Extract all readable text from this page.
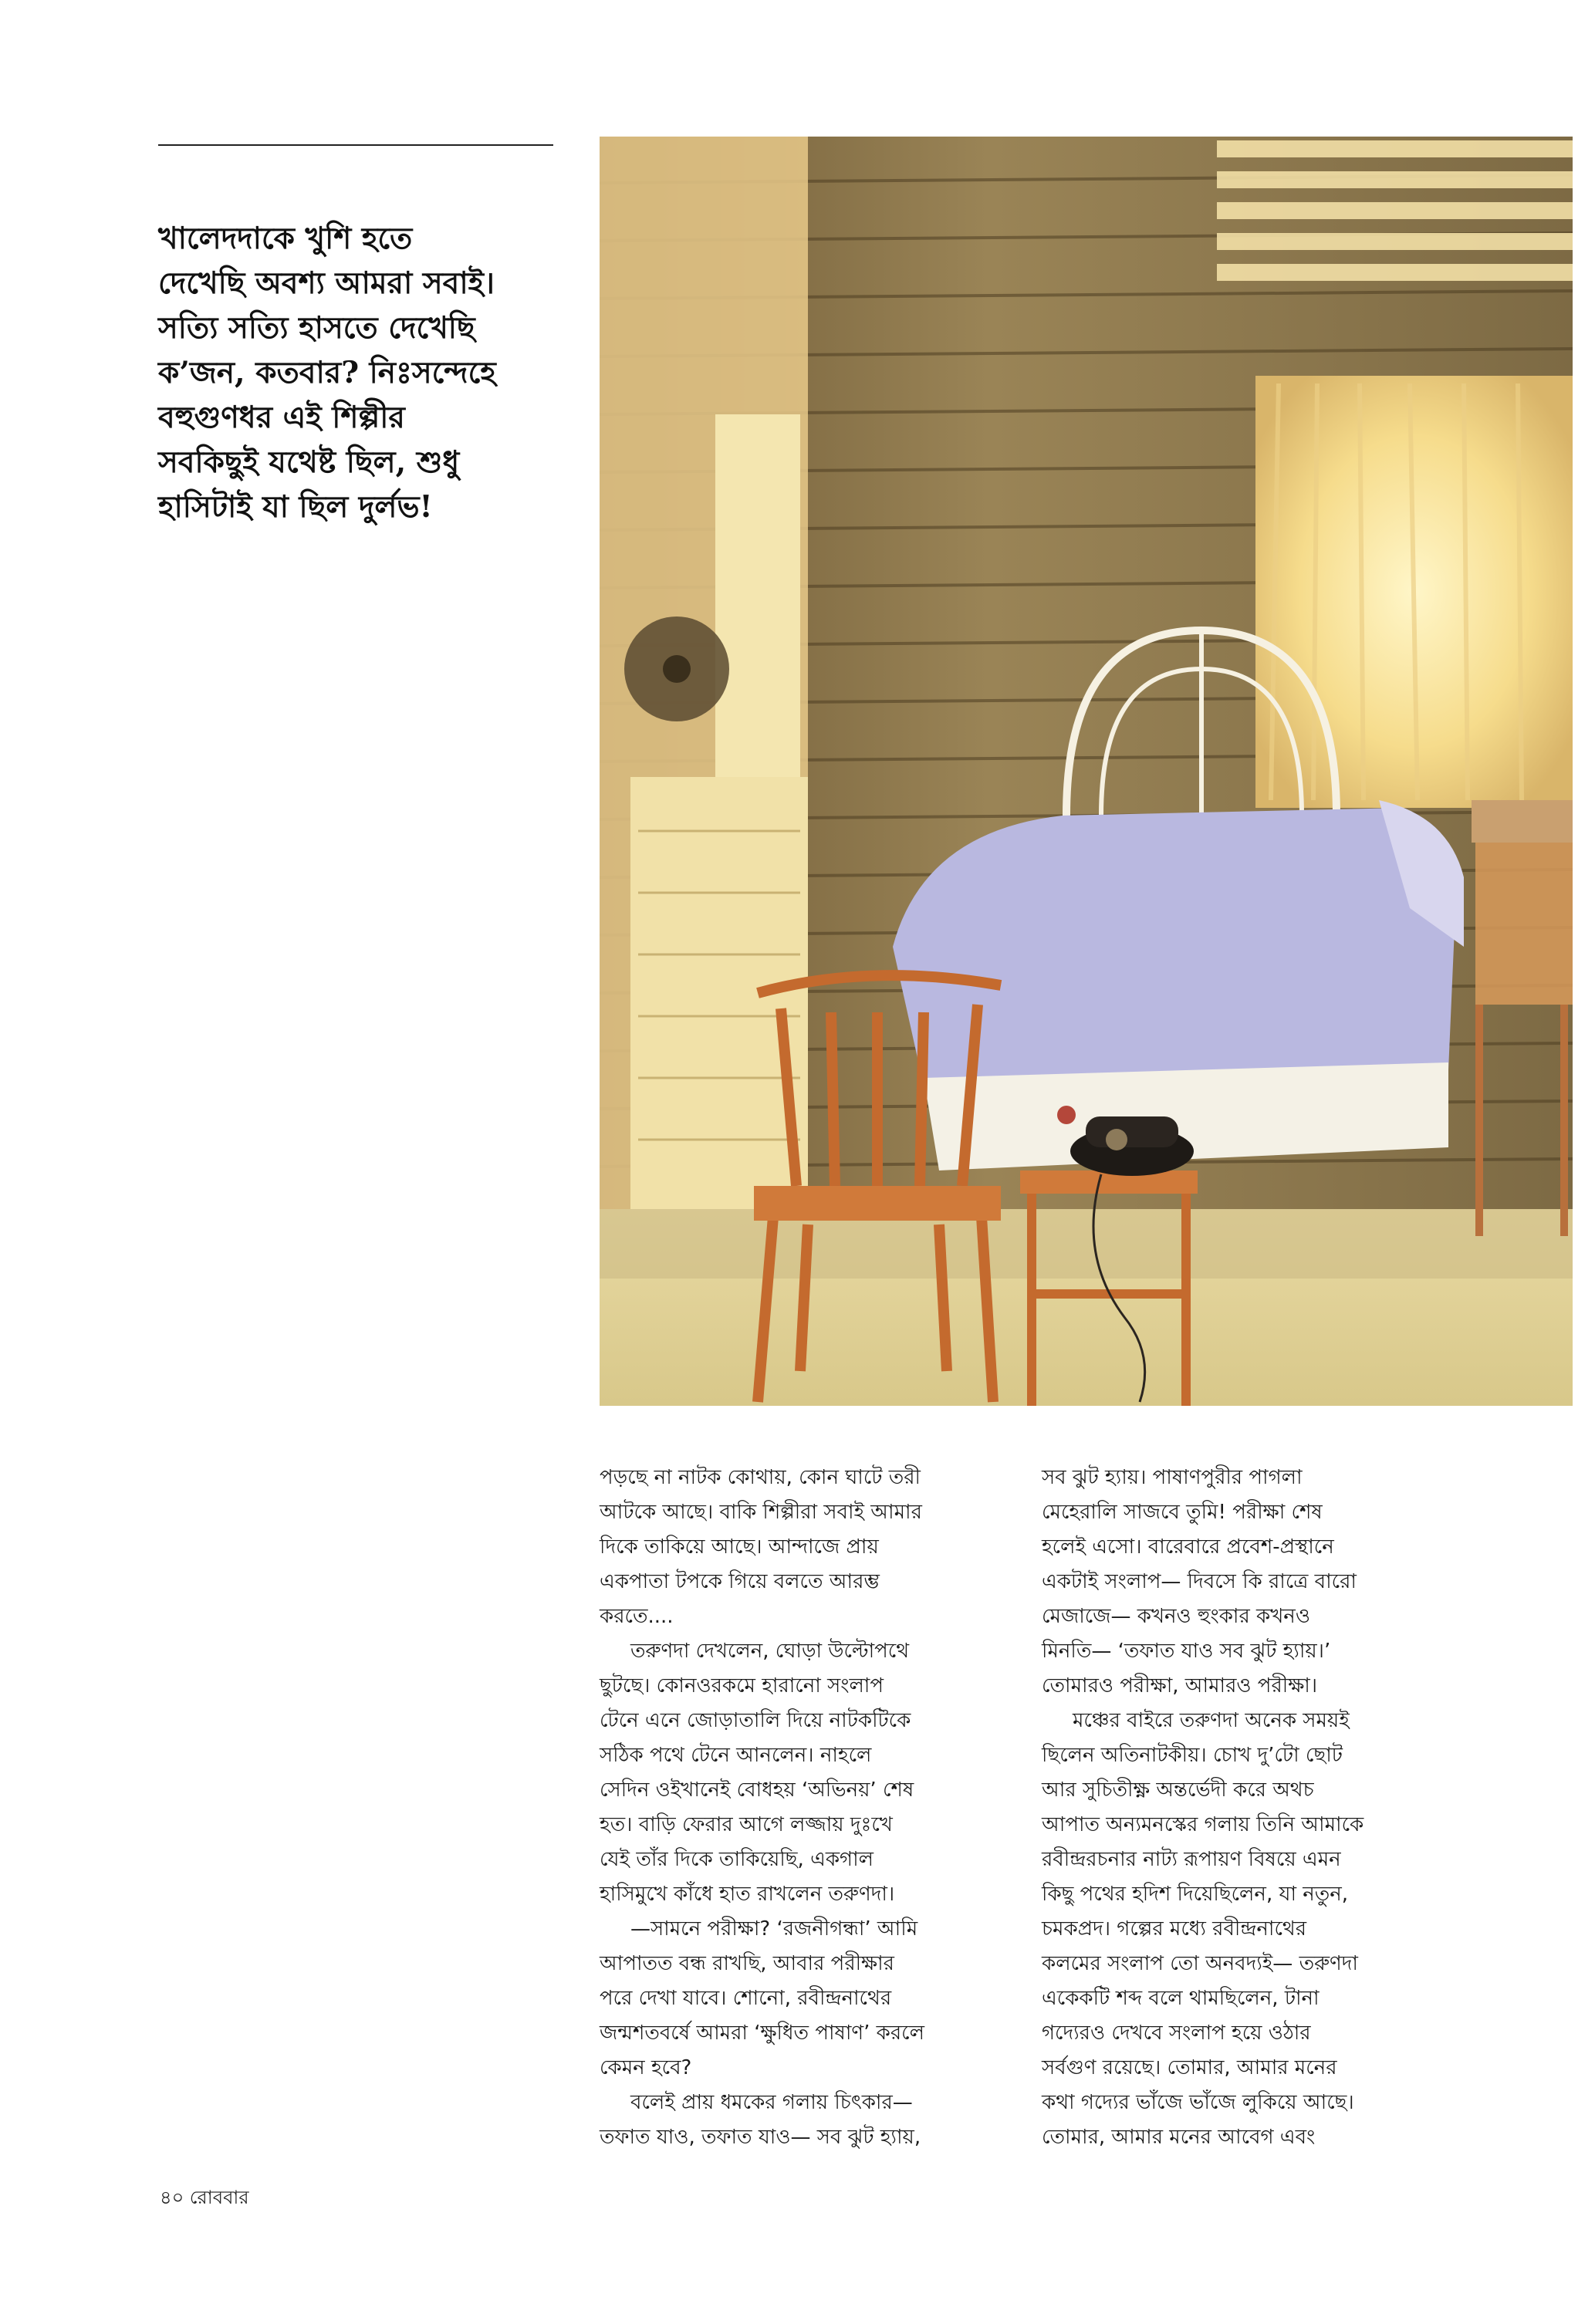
খালেদদাকে খুশি হতে
দেখেছি অবশ্য আমরা সবাই।
সত্যি সত্যি হাসতে দেখেছি
ক’জন, কতবার? নিঃসন্দেহে
বহুগুণধর এই শিল্পীর
সবকিছুই যথেষ্ট ছিল, শুধু
হাসিটাই যা ছিল দুর্লভ!
পড়ছে না নাটক কোথায়, কোন ঘাটে তরী
আটকে আছে। বাকি শিল্পীরা সবাই আমার
দিকে তাকিয়ে আছে। আন্দাজে প্রায়
একপাতা টপকে গিয়ে বলতে আরম্ভ
করতে....
তরুণদা দেখলেন, ঘোড়া উল্টোপথে
ছুটছে। কোনওরকমে হারানো সংলাপ
টেনে এনে জোড়াতালি দিয়ে নাটকটিকে
সঠিক পথে টেনে আনলেন। নাহলে
সেদিন ওইখানেই বোধহয় ‘অভিনয়’ শেষ
হত। বাড়ি ফেরার আগে লজ্জায় দুঃখে
যেই তাঁর দিকে তাকিয়েছি, একগাল
হাসিমুখে কাঁধে হাত রাখলেন তরুণদা।
—সামনে পরীক্ষা? ‘রজনীগন্ধা’ আমি
আপাতত বন্ধ রাখছি, আবার পরীক্ষার
পরে দেখা যাবে। শোনো, রবীন্দ্রনাথের
জন্মশতবর্ষে আমরা ‘ক্ষুধিত পাষাণ’ করলে
কেমন হবে?
বলেই প্রায় ধমকের গলায় চিৎকার—
তফাত যাও, তফাত যাও— সব ঝুট হ্যায়,
সব ঝুট হ্যায়। পাষাণপুরীর পাগলা
মেহেরালি সাজবে তুমি! পরীক্ষা শেষ
হলেই এসো। বারেবারে প্রবেশ-প্রস্থানে
একটাই সংলাপ— দিবসে কি রাত্রে বারো
মেজাজে— কখনও হুংকার কখনও
মিনতি— ‘তফাত যাও সব ঝুট হ্যায়।’
তোমারও পরীক্ষা, আমারও পরীক্ষা।
মঞ্চের বাইরে তরুণদা অনেক সময়ই
ছিলেন অতিনাটকীয়। চোখ দু’টো ছোট
আর সুচিতীক্ষ্ণ অন্তর্ভেদী করে অথচ
আপাত অন্যমনস্কের গলায় তিনি আমাকে
রবীন্দ্ররচনার নাট্য রূপায়ণ বিষয়ে এমন
কিছু পথের হদিশ দিয়েছিলেন, যা নতুন,
চমকপ্রদ। গল্পের মধ্যে রবীন্দ্রনাথের
কলমের সংলাপ তো অনবদ্যই— তরুণদা
একেকটি শব্দ বলে থামছিলেন, টানা
গদ্যেরও দেখবে সংলাপ হয়ে ওঠার
সর্বগুণ রয়েছে। তোমার, আমার মনের
কথা গদ্যের ভাঁজে ভাঁজে লুকিয়ে আছে।
তোমার, আমার মনের আবেগ এবং
৪০ রোববার
